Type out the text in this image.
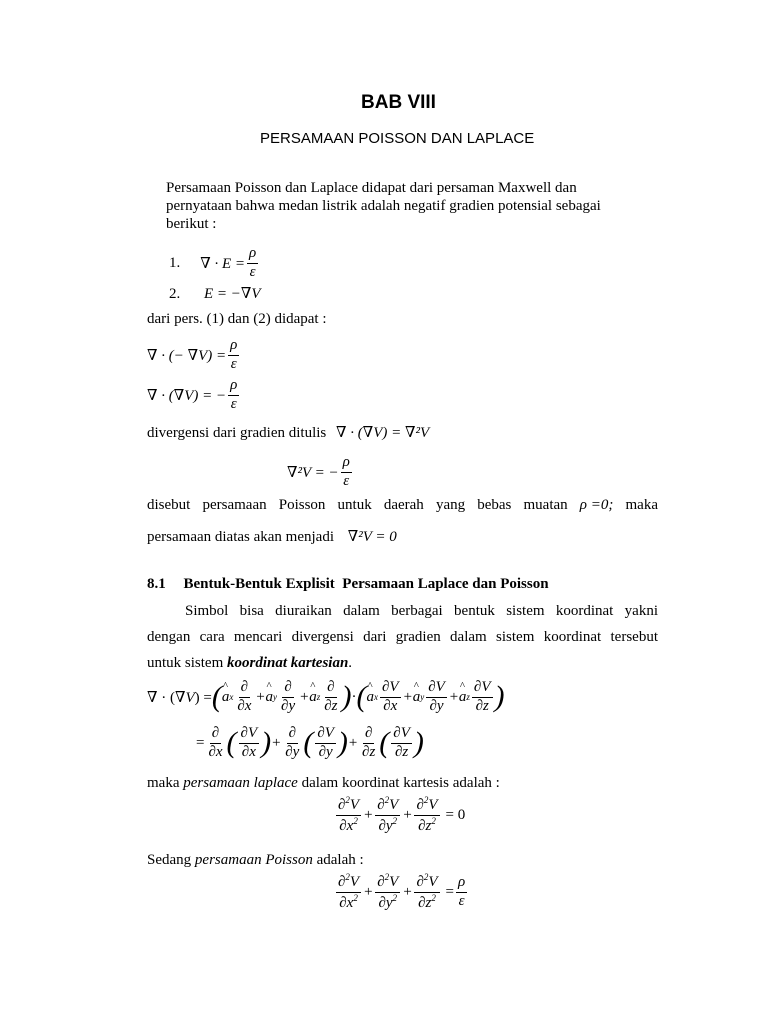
BAB VIII
PERSAMAAN POISSON DAN LAPLACE
Persamaan Poisson dan Laplace didapat dari persaman Maxwell dan
pernyataan bahwa medan listrik adalah negatif gradien potensial sebagai
berikut :
1. ∇ · $E = \frac{\rho}{\varepsilon}$
2. E = −∇V
dari pers. (1) dan (2) didapat :
∇ · (− $\nabla V) = \frac{\rho}{\varepsilon}$
∇ · (∇V) = − $\frac{\rho}{\varepsilon}$
divergensi dari gradien ditulis ∇ · (∇V) = ∇²V
∇²V = − $\frac{\rho}{\varepsilon}$
disebut persamaan Poisson untuk daerah yang bebas muatan ρ =0; maka
persamaan diatas akan menjadi ∇²V = 0
8.1 Bentuk-Bentuk Explisit  Persamaan Laplace dan Poisson
Simbol bisa diuraikan dalam berbagai bentuk sistem koordinat yakni
dengan cara mencari divergensi dari gradien dalam sistem koordinat tersebut
untuk sistem koordinat kartesian.
∇ · (∇V) = ( ^ a x $\frac{\partial}{\partial x}$ + ^ a y $\frac{\partial}{\partial y}$ + ^ a z $\frac{\partial}{\partial z}$ ) · ( ^ a x $\frac{\partial V}{\partial x}$ + ^ a y $\frac{\partial V}{\partial y}$ + ^ a z $\frac{\partial V}{\partial z}$ )
= $\frac{\partial}{\partial x}$ ( $\frac{\partial V}{\partial x}$ ) + $\frac{\partial}{\partial y}$ ( $\frac{\partial V}{\partial y}$ ) + $\frac{\partial}{\partial z}$ ( $\frac{\partial V}{\partial z}$ )
maka persamaan laplace dalam koordinat kartesis adalah :
$\frac{\partial^2V}{\partial x^2} + \frac{\partial^2V}{\partial y^2} + \frac{\partial^2V}{\partial z^2} = 0$
Sedang persamaan Poisson adalah :
$\frac{\partial^2V}{\partial x^2} + \frac{\partial^2V}{\partial y^2} + \frac{\partial^2V}{\partial z^2} = \frac{\rho}{\varepsilon}$
